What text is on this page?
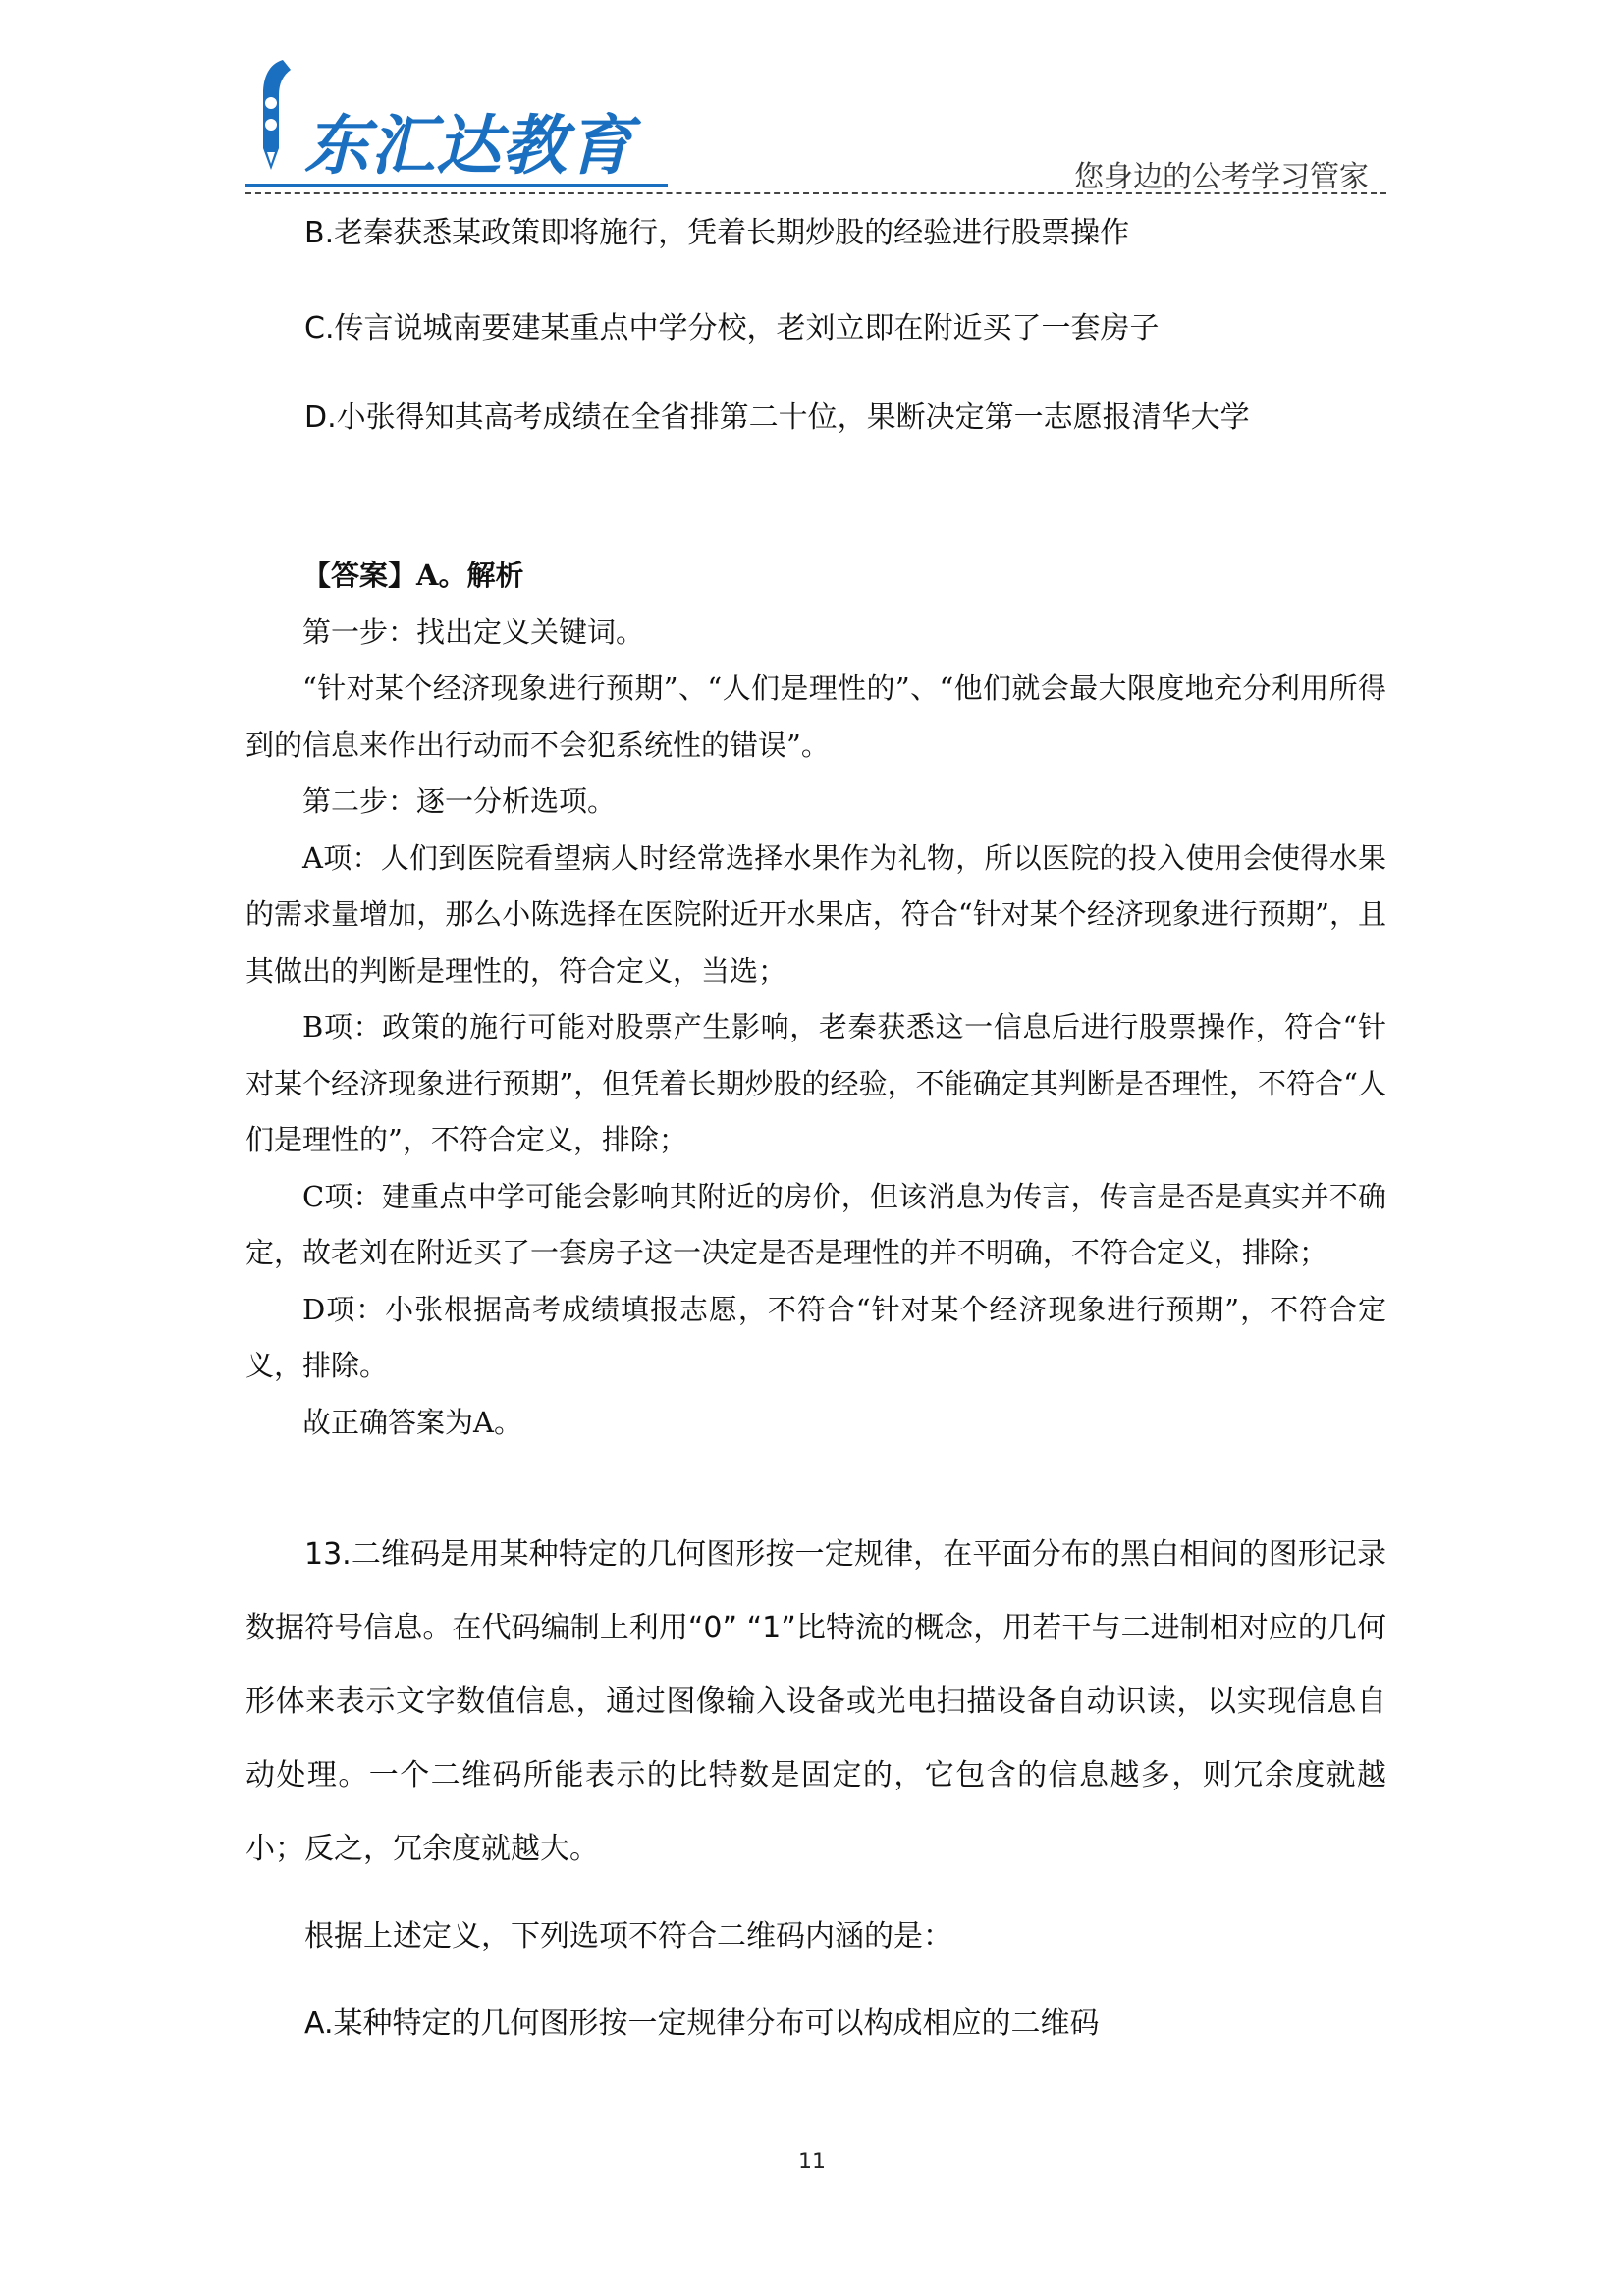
东汇达教育	您身边的公考学习管家

B.老秦获悉某政策即将施行，凭着长期炒股的经验进行股票操作

C.传言说城南要建某重点中学分校，老刘立即在附近买了一套房子

D.小张得知其高考成绩在全省排第二十位，果断决定第一志愿报清华大学

【答案】A。解析

第一步：找出定义关键词。

“针对某个经济现象进行预期”、“人们是理性的”、“他们就会最大限度地充分利用所得到的信息来作出行动而不会犯系统性的错误”。

第二步：逐一分析选项。

A项：人们到医院看望病人时经常选择水果作为礼物，所以医院的投入使用会使得水果的需求量增加，那么小陈选择在医院附近开水果店，符合“针对某个经济现象进行预期”，且其做出的判断是理性的，符合定义，当选；

B项：政策的施行可能对股票产生影响，老秦获悉这一信息后进行股票操作，符合“针对某个经济现象进行预期”，但凭着长期炒股的经验，不能确定其判断是否理性，不符合“人们是理性的”，不符合定义，排除；

C项：建重点中学可能会影响其附近的房价，但该消息为传言，传言是否是真实并不确定，故老刘在附近买了一套房子这一决定是否是理性的并不明确，不符合定义，排除；

D项：小张根据高考成绩填报志愿，不符合“针对某个经济现象进行预期”，不符合定义，排除。

故正确答案为A。

13.二维码是用某种特定的几何图形按一定规律，在平面分布的黑白相间的图形记录数据符号信息。在代码编制上利用“0” “1”比特流的概念，用若干与二进制相对应的几何形体来表示文字数值信息，通过图像输入设备或光电扫描设备自动识读，以实现信息自动处理。一个二维码所能表示的比特数是固定的，它包含的信息越多，则冗余度就越小；反之，冗余度就越大。

根据上述定义，下列选项不符合二维码内涵的是：

A.某种特定的几何图形按一定规律分布可以构成相应的二维码

11
